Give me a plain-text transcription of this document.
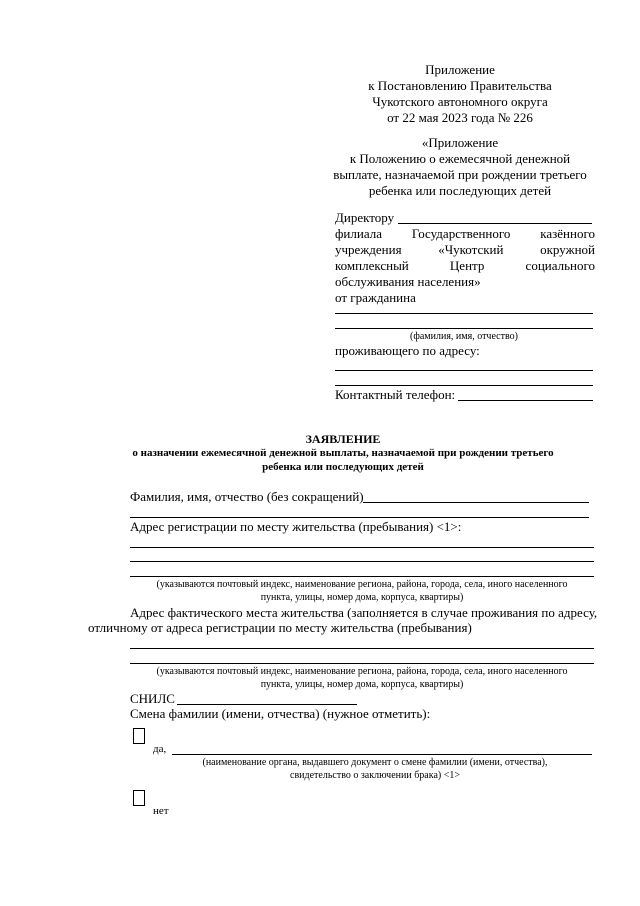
Приложение
к Постановлению Правительства
Чукотского автономного округа
от 22 мая 2023 года № 226
«Приложение
к Положению о ежемесячной денежной
выплате, назначаемой при рождении третьего
ребенка или последующих детей
Директору
филиала Государственного казённого
учреждения	«Чукотский	окружной
комплексный	Центр	социального
обслуживания населения»
от гражданина
(фамилия, имя, отчество)
проживающего по адресу:
Контактный телефон:
ЗАЯВЛЕНИЕ
о назначении ежемесячной денежной выплаты, назначаемой при рождении третьего
ребенка или последующих детей
Фамилия, имя, отчество (без сокращений)
Адрес регистрации по месту жительства (пребывания) <1>:
(указываются почтовый индекс, наименование региона, района, города, села, иного населенного
пункта, улицы, номер дома, корпуса, квартиры)
Адрес фактического места жительства (заполняется в случае проживания по адресу,
отличному от адреса регистрации по месту жительства (пребывания)
(указываются почтовый индекс, наименование региона, района, города, села, иного населенного
пункта, улицы, номер дома, корпуса, квартиры)
СНИЛС
Смена фамилии (имени, отчества) (нужное отметить):
да,
(наименование органа, выдавшего документ о смене фамилии (имени, отчества),
свидетельство о заключении брака) <1>
нет
